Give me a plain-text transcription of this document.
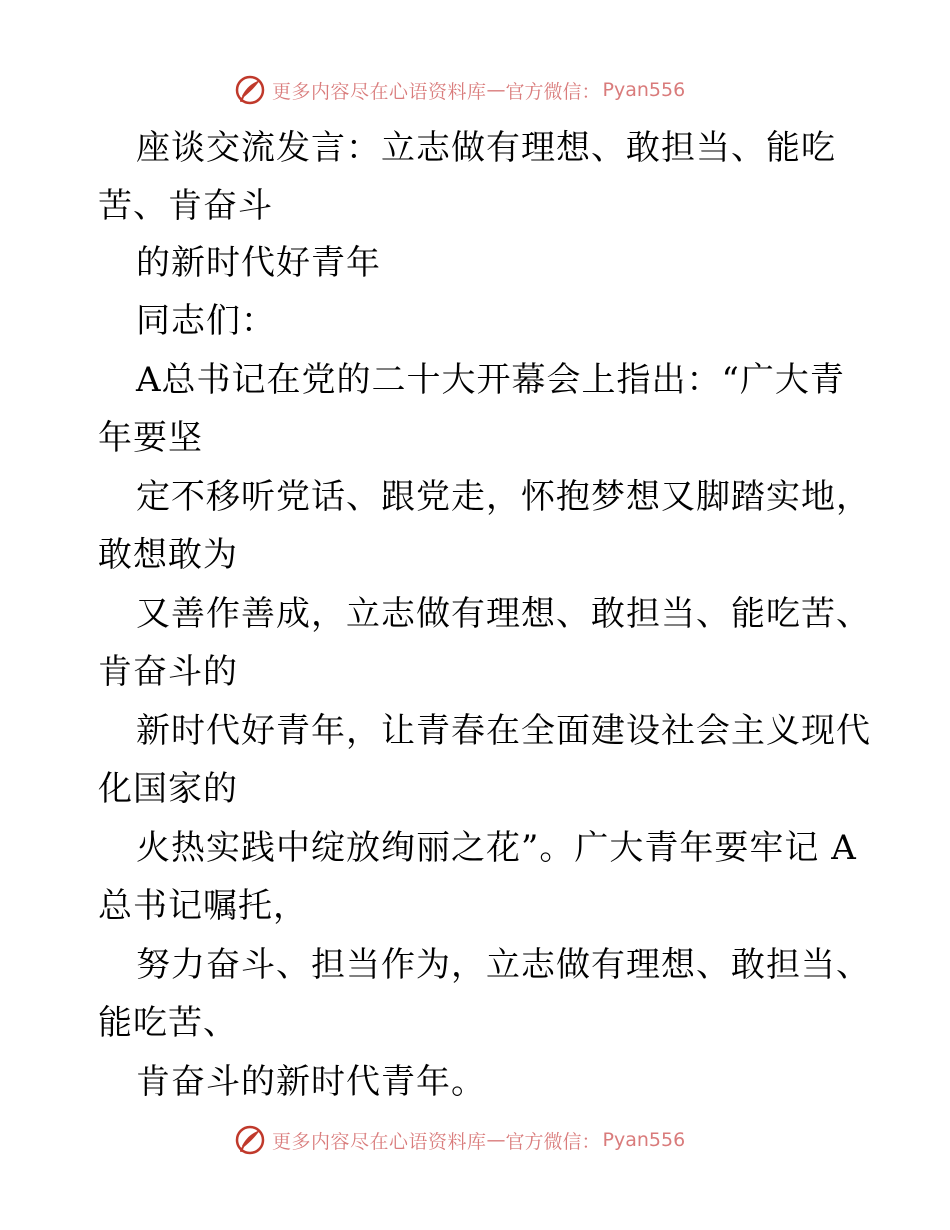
更多内容尽在心语资料库 — 官方微信： Pyan556
座谈交流发言：立志做有理想、敢担当、能吃
苦、肯奋斗
的新时代好青年
同志们：
A总书记在党的二十大开幕会上指出：“广大青
年要坚
定不移听党话、跟党走，怀抱梦想又脚踏实地，
敢想敢为
又善作善成，立志做有理想、敢担当、能吃苦、
肯奋斗的
新时代好青年，让青春在全面建设社会主义现代
化国家的
火热实践中绽放绚丽之花”。广大青年要牢记 A
总书记嘱托，
努力奋斗、担当作为，立志做有理想、敢担当、
能吃苦、
肯奋斗的新时代青年。
更多内容尽在心语资料库 — 官方微信： Pyan556
